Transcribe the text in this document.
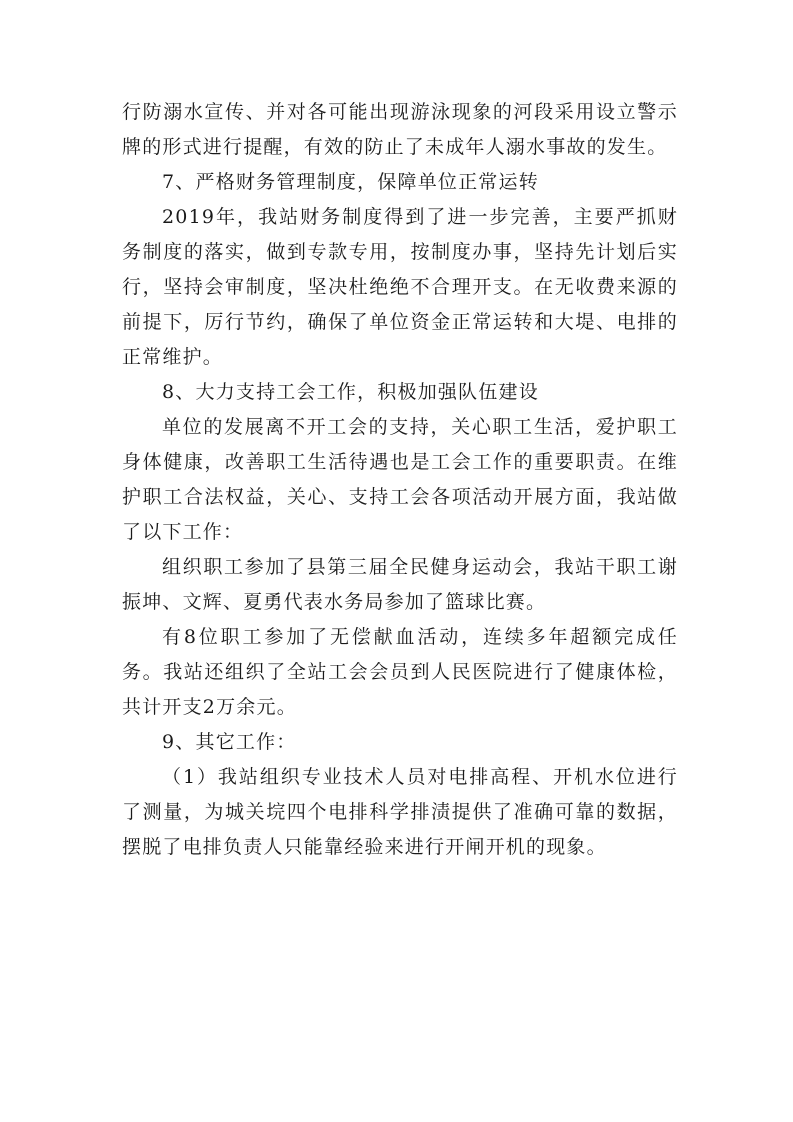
行防溺水宣传、并对各可能出现游泳现象的河段采用设立警示牌的形式进行提醒，有效的防止了未成年人溺水事故的发生。

7、严格财务管理制度，保障单位正常运转

2019年，我站财务制度得到了进一步完善，主要严抓财务制度的落实，做到专款专用，按制度办事，坚持先计划后实行，坚持会审制度，坚决杜绝绝不合理开支。在无收费来源的前提下，厉行节约，确保了单位资金正常运转和大堤、电排的正常维护。

8、大力支持工会工作，积极加强队伍建设

单位的发展离不开工会的支持，关心职工生活，爱护职工身体健康，改善职工生活待遇也是工会工作的重要职责。在维护职工合法权益，关心、支持工会各项活动开展方面，我站做了以下工作：

组织职工参加了县第三届全民健身运动会，我站干职工谢振坤、文辉、夏勇代表水务局参加了篮球比赛。

有8位职工参加了无偿献血活动，连续多年超额完成任务。我站还组织了全站工会会员到人民医院进行了健康体检，共计开支2万余元。

9、其它工作：

（1）我站组织专业技术人员对电排高程、开机水位进行了测量，为城关垸四个电排科学排渍提供了准确可靠的数据，摆脱了电排负责人只能靠经验来进行开闸开机的现象。
